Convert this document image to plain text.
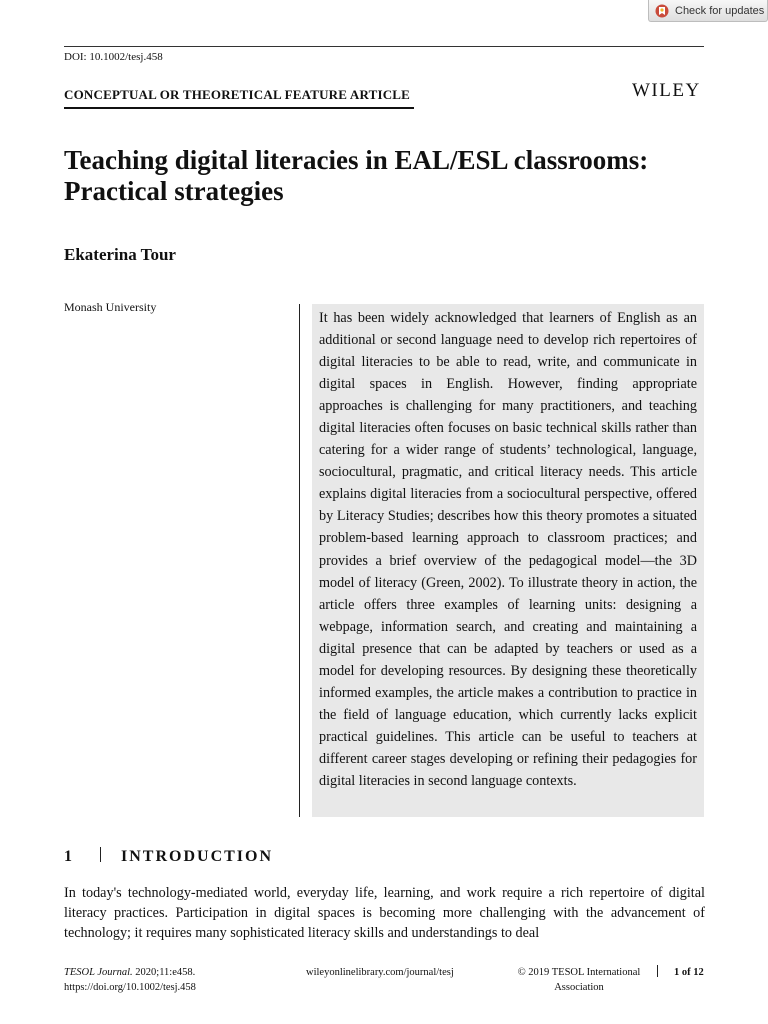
Check for updates
DOI: 10.1002/tesj.458
CONCEPTUAL OR THEORETICAL FEATURE ARTICLE	WILEY
Teaching digital literacies in EAL/ESL classrooms:
Practical strategies
Ekaterina Tour
Monash University
It has been widely acknowledged that learners of English as an additional or second language need to develop rich repertoires of digital literacies to be able to read, write, and communicate in digital spaces in English. However, finding appropriate approaches is challenging for many practitioners, and teaching digital literacies often focuses on basic technical skills rather than catering for a wider range of students’ technological, language, sociocultural, pragmatic, and critical literacy needs. This article explains digital literacies from a sociocultural perspective, offered by Literacy Studies; describes how this theory promotes a situated problem-based learning approach to classroom practices; and provides a brief overview of the pedagogical model—the 3D model of literacy (Green, 2002). To illustrate theory in action, the article offers three examples of learning units: designing a webpage, information search, and creating and maintaining a digital presence that can be adapted by teachers or used as a model for developing resources. By designing these theoretically informed examples, the article makes a contribution to practice in the field of language education, which currently lacks explicit practical guidelines. This article can be useful to teachers at different career stages developing or refining their pedagogies for digital literacies in second language contexts.
1	INTRODUCTION
In today's technology-mediated world, everyday life, learning, and work require a rich repertoire of digital literacy practices. Participation in digital spaces is becoming more challenging with the advancement of technology; it requires many sophisticated literacy skills and understandings to deal
TESOL Journal. 2020;11:e458.
https://doi.org/10.1002/tesj.458
wileyonlinelibrary.com/journal/tesj	© 2019 TESOL International
Association
1 of 12
